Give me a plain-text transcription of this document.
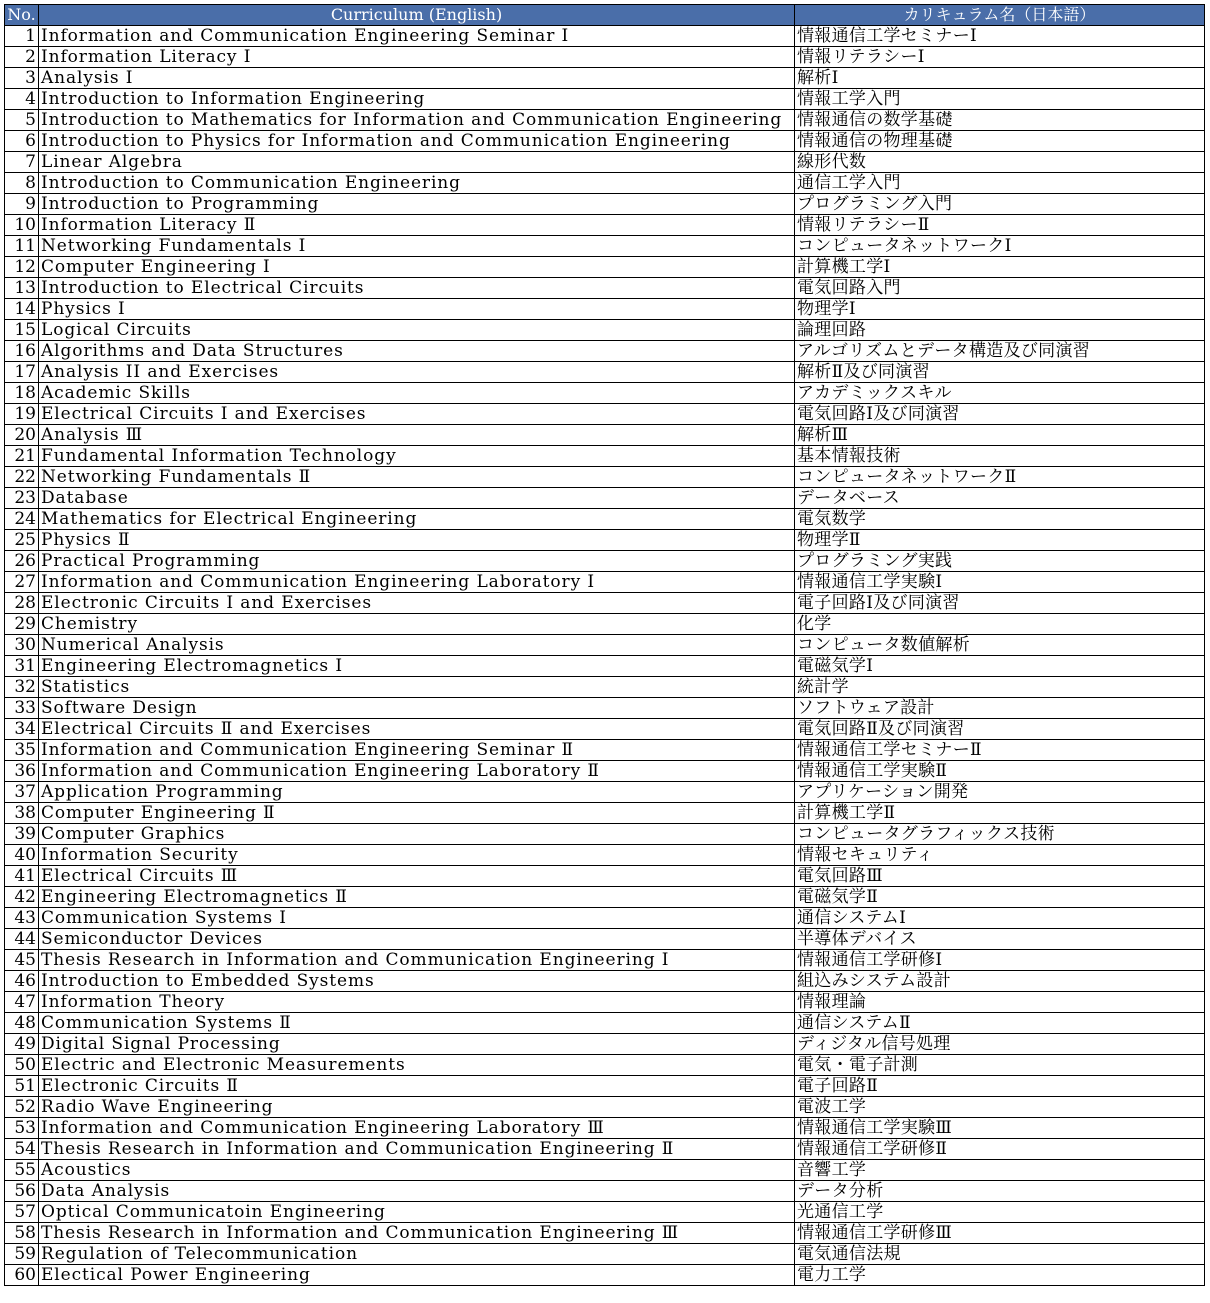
No.	Curriculum (English)	カリキュラム名（日本語）
1	Information and Communication Engineering Seminar Ⅰ	情報通信工学セミナーⅠ
2	Information Literacy Ⅰ	情報リテラシーⅠ
3	Analysis Ⅰ	解析Ⅰ
4	Introduction to Information Engineering	情報工学入門
5	Introduction to Mathematics for Information and Communication Engineering	情報通信の数学基礎
6	Introduction to Physics for Information and Communication Engineering	情報通信の物理基礎
7	Linear Algebra	線形代数
8	Introduction to Communication Engineering	通信工学入門
9	Introduction to Programming	プログラミング入門
10	Information Literacy Ⅱ	情報リテラシーⅡ
11	Networking Fundamentals Ⅰ	コンピュータネットワークⅠ
12	Computer Engineering Ⅰ	計算機工学Ⅰ
13	Introduction to Electrical Circuits	電気回路入門
14	Physics Ⅰ	物理学Ⅰ
15	Logical Circuits	論理回路
16	Algorithms and Data Structures	アルゴリズムとデータ構造及び同演習
17	Analysis II and Exercises	解析Ⅱ及び同演習
18	Academic Skills	アカデミックスキル
19	Electrical Circuits Ⅰ and Exercises	電気回路Ⅰ及び同演習
20	Analysis Ⅲ	解析Ⅲ
21	Fundamental Information Technology	基本情報技術
22	Networking Fundamentals Ⅱ	コンピュータネットワークⅡ
23	Database	データベース
24	Mathematics for Electrical Engineering	電気数学
25	Physics Ⅱ	物理学Ⅱ
26	Practical Programming	プログラミング実践
27	Information and Communication Engineering Laboratory Ⅰ	情報通信工学実験Ⅰ
28	Electronic Circuits Ⅰ and Exercises	電子回路Ⅰ及び同演習
29	Chemistry	化学
30	Numerical Analysis	コンピュータ数値解析
31	Engineering Electromagnetics Ⅰ	電磁気学Ⅰ
32	Statistics	統計学
33	Software Design	ソフトウェア設計
34	Electrical Circuits Ⅱ and Exercises	電気回路Ⅱ及び同演習
35	Information and Communication Engineering Seminar Ⅱ	情報通信工学セミナーⅡ
36	Information and Communication Engineering Laboratory Ⅱ	情報通信工学実験Ⅱ
37	Application Programming	アプリケーション開発
38	Computer Engineering Ⅱ	計算機工学Ⅱ
39	Computer Graphics	コンピュータグラフィックス技術
40	Information Security	情報セキュリティ
41	Electrical Circuits Ⅲ	電気回路Ⅲ
42	Engineering Electromagnetics Ⅱ	電磁気学Ⅱ
43	Communication Systems Ⅰ	通信システムⅠ
44	Semiconductor Devices	半導体デバイス
45	Thesis Research in Information and Communication Engineering Ⅰ	情報通信工学研修Ⅰ
46	Introduction to Embedded Systems	組込みシステム設計
47	Information Theory	情報理論
48	Communication Systems Ⅱ	通信システムⅡ
49	Digital Signal Processing	ディジタル信号処理
50	Electric and Electronic Measurements	電気・電子計測
51	Electronic Circuits Ⅱ	電子回路Ⅱ
52	Radio Wave Engineering	電波工学
53	Information and Communication Engineering Laboratory Ⅲ	情報通信工学実験Ⅲ
54	Thesis Research in Information and Communication Engineering Ⅱ	情報通信工学研修Ⅱ
55	Acoustics	音響工学
56	Data Analysis	データ分析
57	Optical Communicatoin Engineering	光通信工学
58	Thesis Research in Information and Communication Engineering Ⅲ	情報通信工学研修Ⅲ
59	Regulation of Telecommunication	電気通信法規
60	Electical Power Engineering	電力工学
